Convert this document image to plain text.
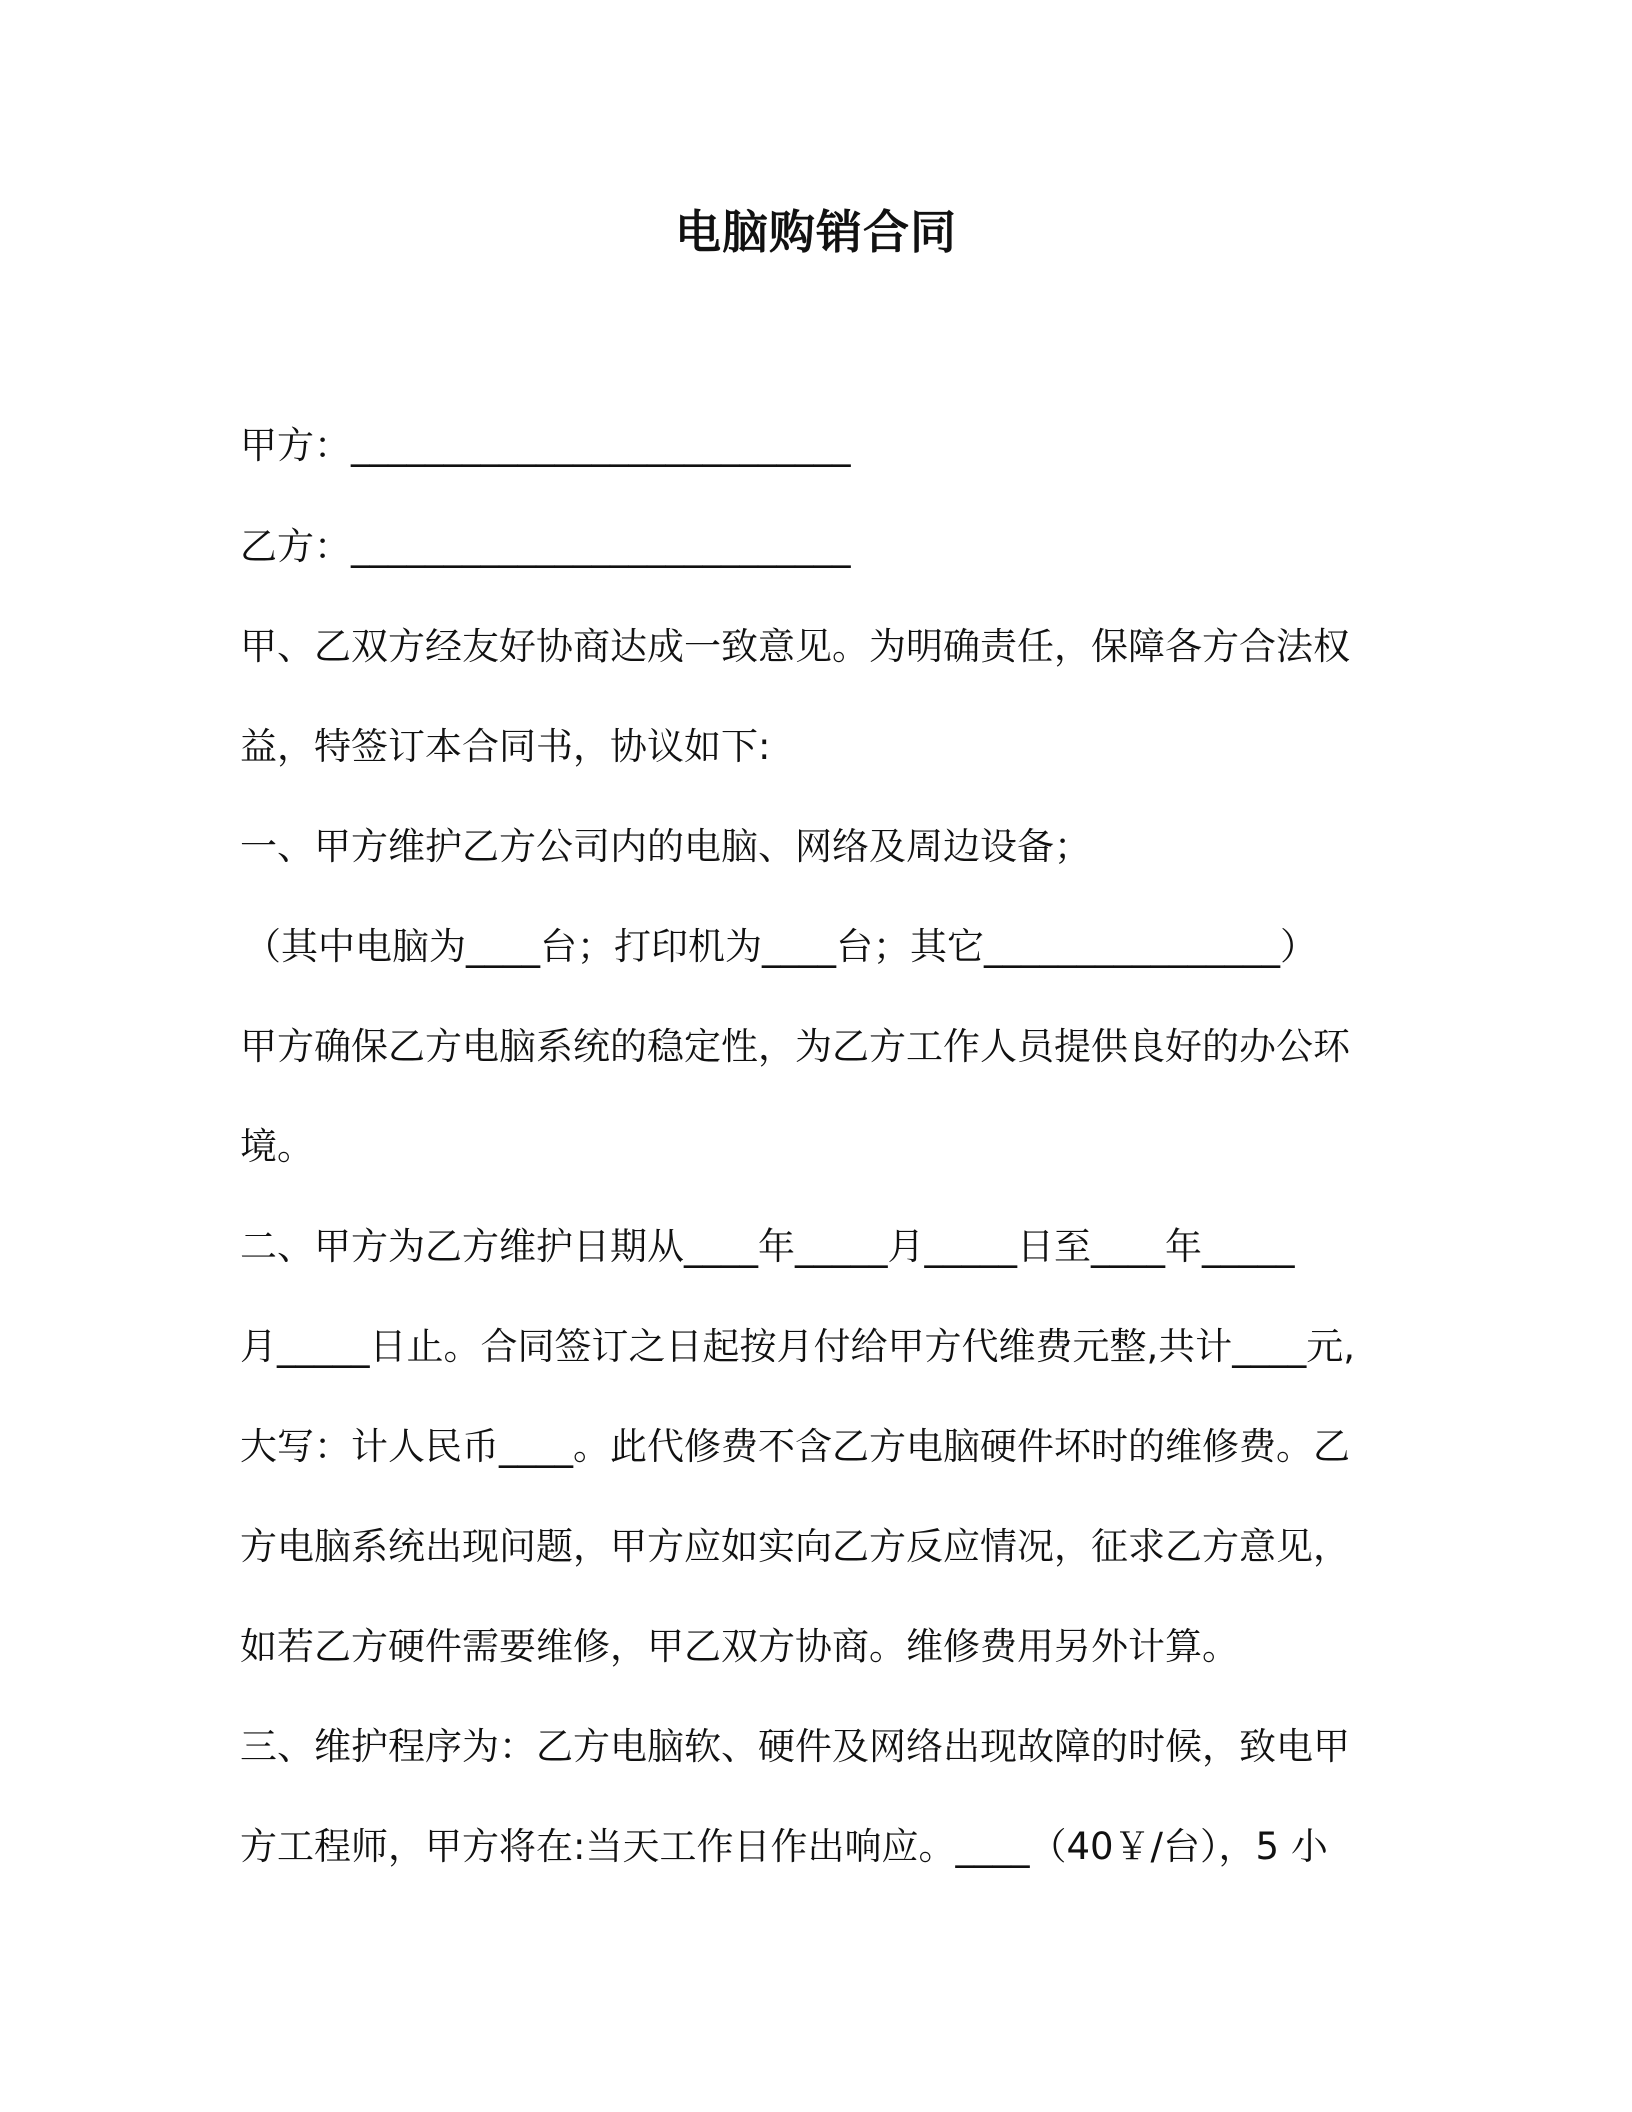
电脑购销合同
甲方：___________________________
乙方：___________________________
甲、乙双方经友好协商达成一致意见。为明确责任，保障各方合法权
益，特签订本合同书，协议如下:
一、甲方维护乙方公司内的电脑、网络及周边设备；
（其中电脑为____台；打印机为____台；其它________________）
甲方确保乙方电脑系统的稳定性，为乙方工作人员提供良好的办公环
境。
二、甲方为乙方维护日期从____年_____月_____日至____年_____
月_____日止。合同签订之日起按月付给甲方代维费元整,共计____元,
大写：计人民币____。此代修费不含乙方电脑硬件坏时的维修费。乙
方电脑系统出现问题，甲方应如实向乙方反应情况，征求乙方意见，
如若乙方硬件需要维修，甲乙双方协商。维修费用另外计算。
三、维护程序为：乙方电脑软、硬件及网络出现故障的时候，致电甲
方工程师，甲方将在:当天工作日作出响应。____（40￥/台），5 小
